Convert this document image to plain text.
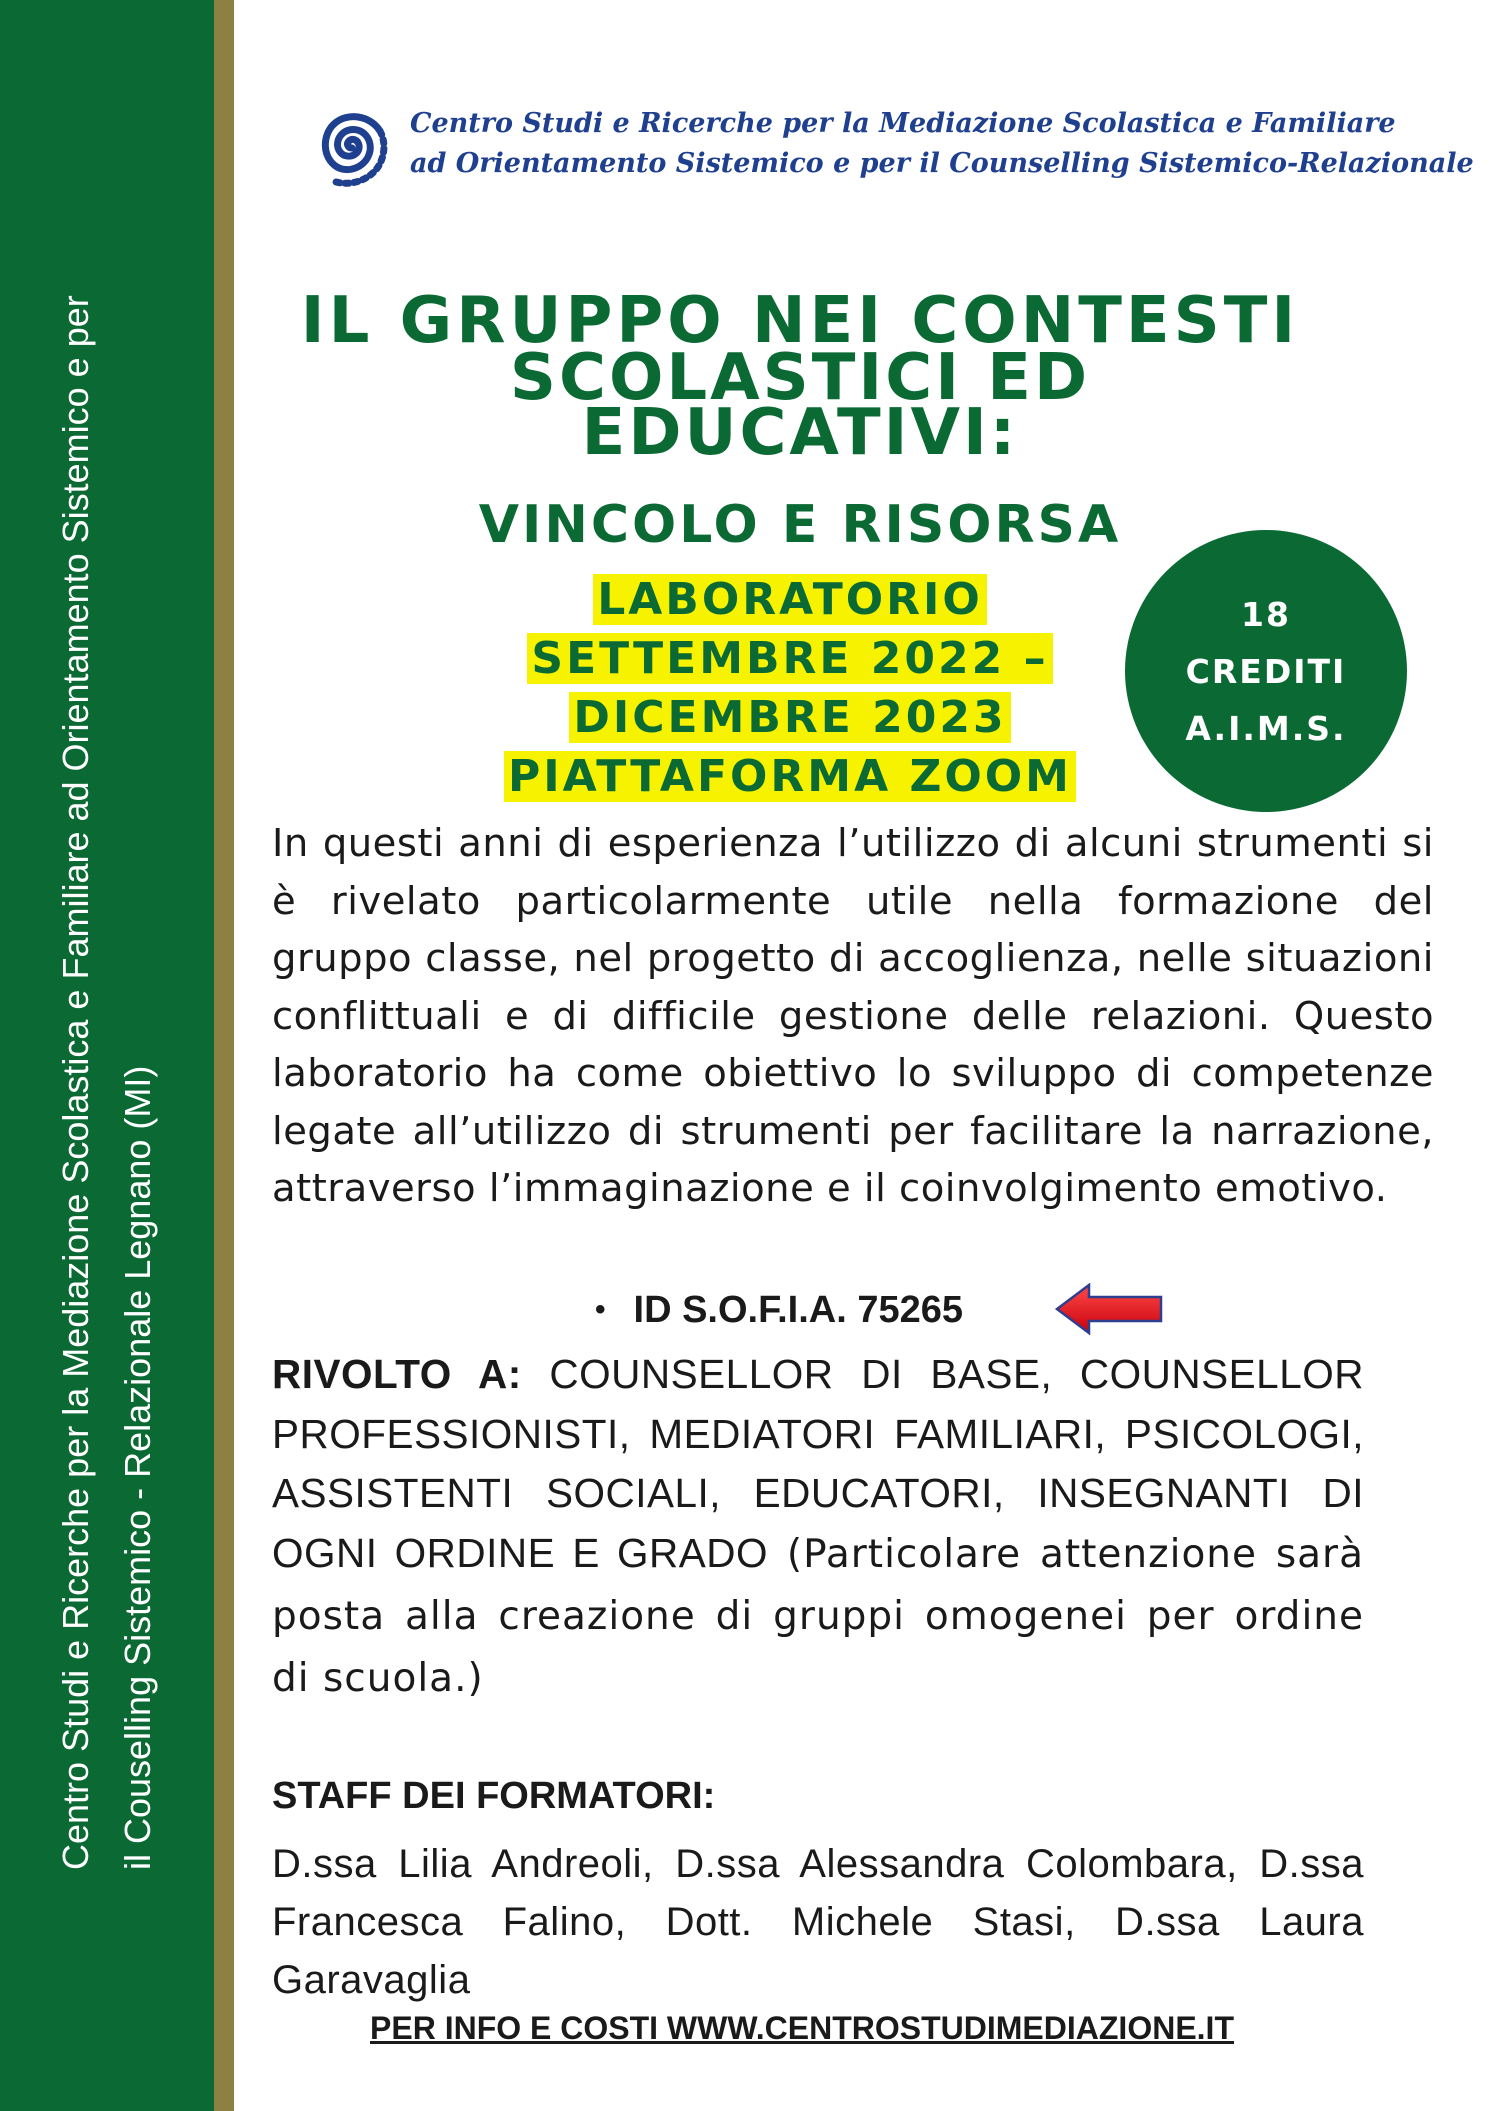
Centro Studi e Ricerche per la Mediazione Scolastica e Familiare ad Orientamento Sistemico e per il Couselling Sistemico - Relazionale Legnano (MI)
Centro Studi e Ricerche per la Mediazione Scolastica e Familiare
ad Orientamento Sistemico e per il Counselling Sistemico-Relazionale
IL GRUPPO NEI CONTESTI
SCOLASTICI ED
EDUCATIVI:
VINCOLO E RISORSA
LABORATORIO
SETTEMBRE 2022 –
DICEMBRE 2023
PIATTAFORMA ZOOM
18
CREDITI
A.I.M.S.
In questi anni di esperienza l’utilizzo di alcuni strumenti si è rivelato particolarmente utile nella formazione del gruppo classe, nel progetto di accoglienza, nelle situazioni conflittuali e di difficile gestione delle relazioni. Questo laboratorio ha come obiettivo lo sviluppo di competenze legate all’utilizzo di strumenti per facilitare la narrazione, attraverso l’immaginazione e il coinvolgimento emotivo.
• ID S.O.F.I.A. 75265
RIVOLTO A: COUNSELLOR DI BASE, COUNSELLOR PROFESSIONISTI, MEDIATORI FAMILIARI, PSICOLOGI, ASSISTENTI SOCIALI, EDUCATORI, INSEGNANTI DI OGNI ORDINE E GRADO (Particolare attenzione sarà posta alla creazione di gruppi omogenei per ordine di scuola.)
STAFF DEI FORMATORI:
D.ssa Lilia Andreoli, D.ssa Alessandra Colombara, D.ssa Francesca Falino, Dott. Michele Stasi, D.ssa Laura Garavaglia
PER INFO E COSTI WWW.CENTROSTUDIMEDIAZIONE.IT
